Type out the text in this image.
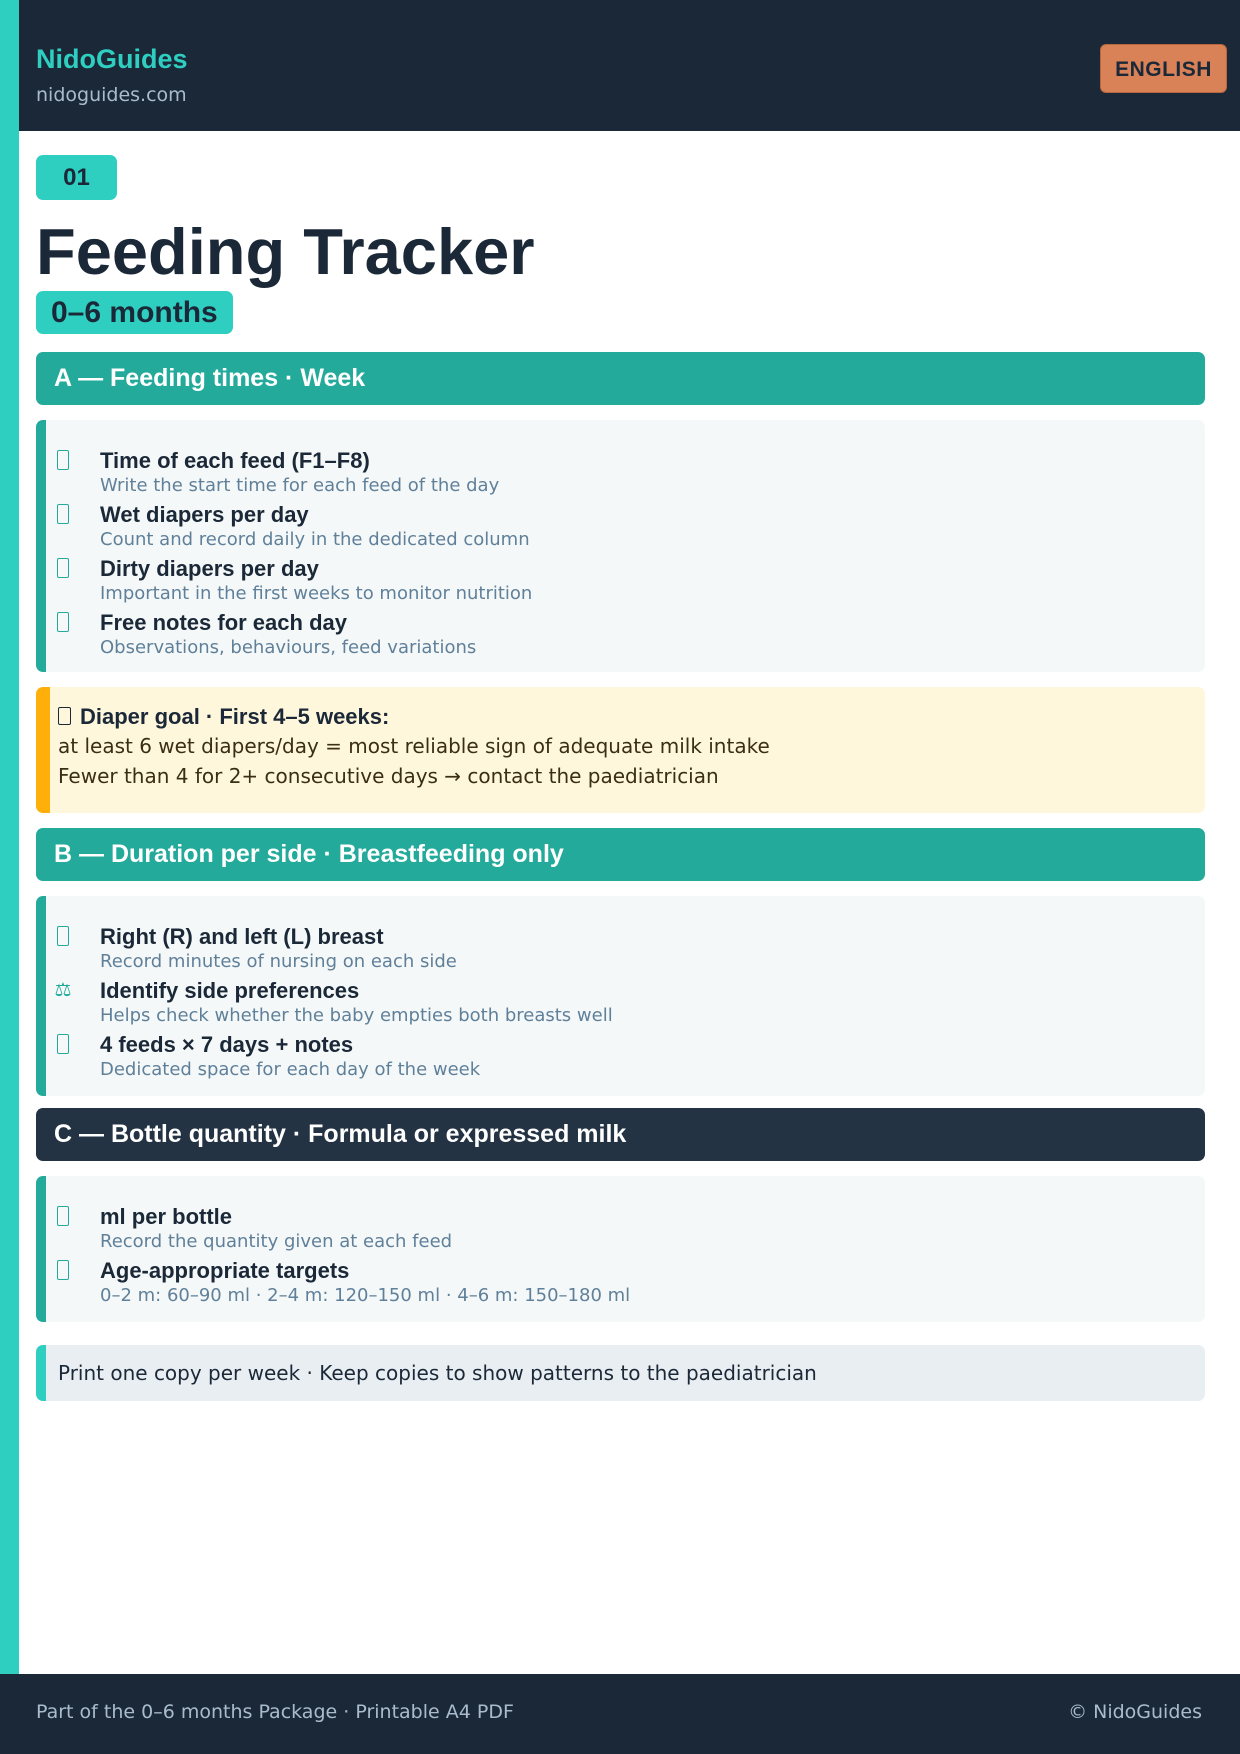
NidoGuides
nidoguides.com
ENGLISH
01
Feeding Tracker
0–6 months
A — Feeding times · Week
Time of each feed (F1–F8)
Write the start time for each feed of the day
Wet diapers per day
Count and record daily in the dedicated column
Dirty diapers per day
Important in the first weeks to monitor nutrition
Free notes for each day
Observations, behaviours, feed variations
Diaper goal · First 4–5 weeks:
at least 6 wet diapers/day = most reliable sign of adequate milk intake
Fewer than 4 for 2+ consecutive days → contact the paediatrician
B — Duration per side · Breastfeeding only
Right (R) and left (L) breast
Record minutes of nursing on each side
⚖ Identify side preferences
Helps check whether the baby empties both breasts well
4 feeds × 7 days + notes
Dedicated space for each day of the week
C — Bottle quantity · Formula or expressed milk
ml per bottle
Record the quantity given at each feed
Age-appropriate targets
0–2 m: 60–90 ml · 2–4 m: 120–150 ml · 4–6 m: 150–180 ml
Print one copy per week · Keep copies to show patterns to the paediatrician
Part of the 0–6 months Package · Printable A4 PDF	© NidoGuides
